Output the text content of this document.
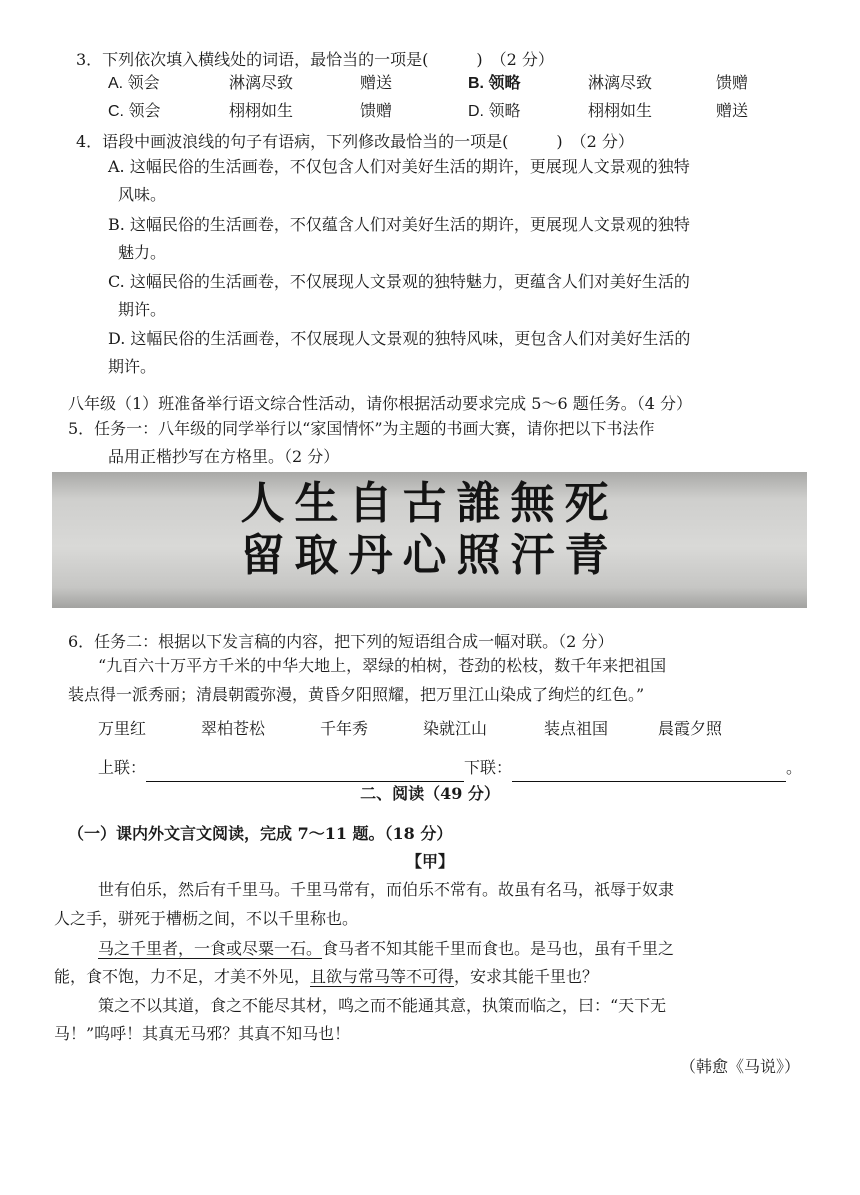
3．下列依次填入横线处的词语，最恰当的一项是(　　　)　（2 分）
A. 领会	淋漓尽致	赠送	B. 领略	淋漓尽致	馈赠
C. 领会	栩栩如生	馈赠	D. 领略	栩栩如生	赠送
4．语段中画波浪线的句子有语病，下列修改最恰当的一项是(　　　)　（2 分）
A. 这幅民俗的生活画卷，不仅包含人们对美好生活的期许，更展现人文景观的独特
风味。
B. 这幅民俗的生活画卷，不仅蕴含人们对美好生活的期许，更展现人文景观的独特
魅力。
C. 这幅民俗的生活画卷，不仅展现人文景观的独特魅力，更蕴含人们对美好生活的
期许。
D. 这幅民俗的生活画卷，不仅展现人文景观的独特风味，更包含人们对美好生活的
期许。
八年级（1）班准备举行语文综合性活动，请你根据活动要求完成 5～6 题任务。（4 分）
5．任务一：八年级的同学举行以“家国情怀”为主题的书画大赛，请你把以下书法作
品用正楷抄写在方格里。（2 分）
人生自古誰無死
留取丹心照汗青
6．任务二：根据以下发言稿的内容，把下列的短语组合成一幅对联。（2 分）
“九百六十万平方千米的中华大地上，翠绿的柏树，苍劲的松枝，数千年来把祖国
装点得一派秀丽；清晨朝霞弥漫，黄昏夕阳照耀，把万里江山染成了绚烂的红色。”
万里红	翠柏苍松	千年秀	染就江山	装点祖国	晨霞夕照
上联：	下联：	。
二、阅读（49 分）
（一）课内外文言文阅读，完成 7～11 题。（18 分）
【甲】
世有伯乐，然后有千里马。千里马常有，而伯乐不常有。故虽有名马，祇辱于奴隶
人之手，骈死于槽枥之间，不以千里称也。
马之千里者，一食或尽粟一石。食马者不知其能千里而食也。是马也，虽有千里之
能，食不饱，力不足，才美不外见，且欲与常马等不可得，安求其能千里也？
策之不以其道，食之不能尽其材，鸣之而不能通其意，执策而临之，曰：“天下无
马！”呜呼！其真无马邪？其真不知马也！
（韩愈《马说》）
